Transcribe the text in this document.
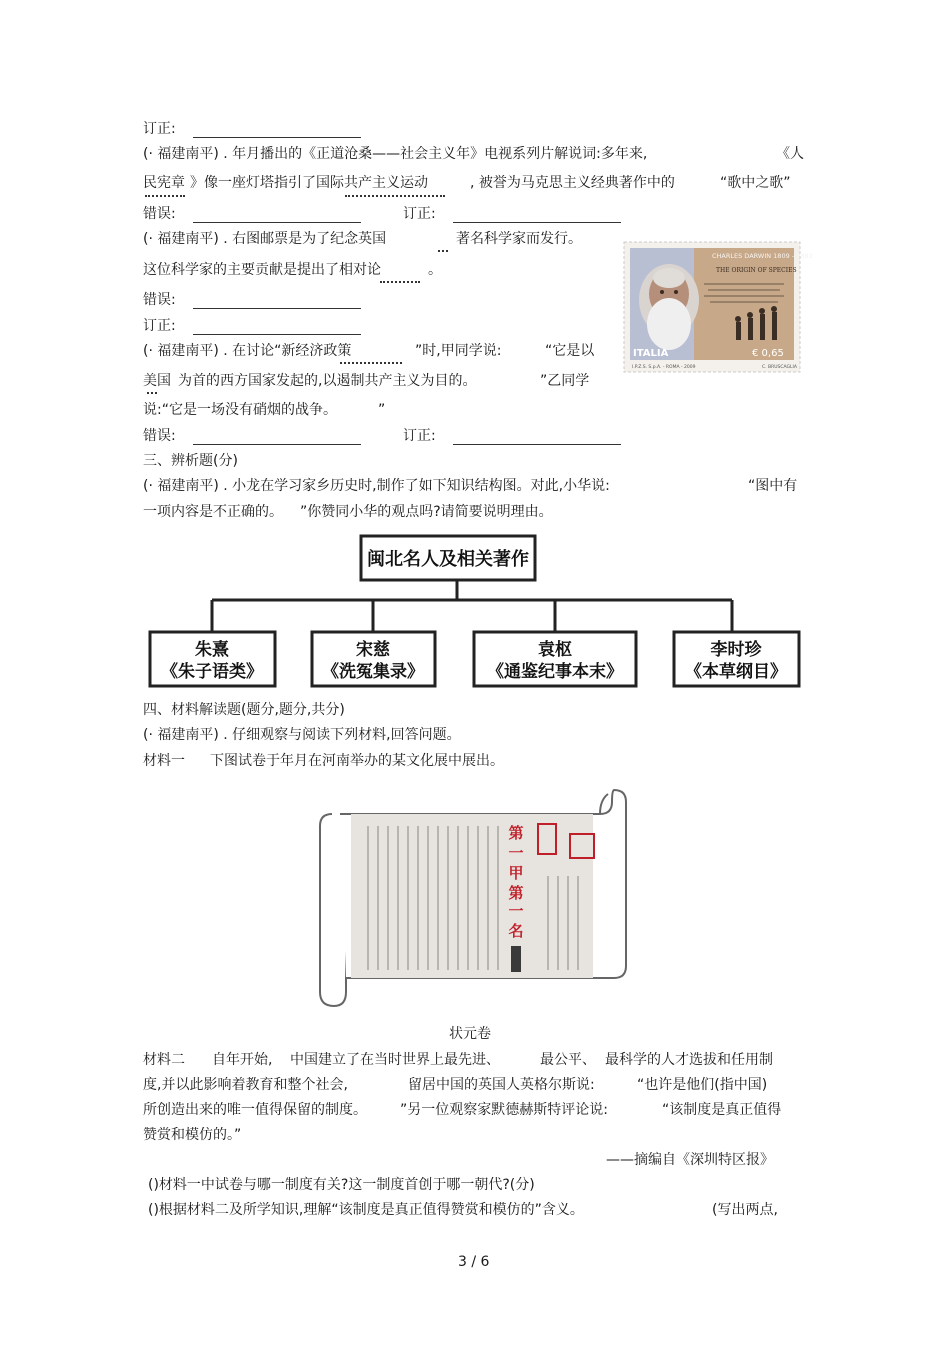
订正:
(· 福建南平) . 年月播出的《正道沧桑——社会主义年》电视系列片解说词:多年来,	《人
民宪章 》像一座灯塔指引了国际共产主义运动	, 被誉为马克思主义经典著作中的	“歌中之歌”
错误:	订正:
(· 福建南平) . 右图邮票是为了纪念英国	著名科学家而发行。
这位科学家的主要贡献是提出了相对论	。
错误:
订正:
CHARLES DARWIN 1809 - 1882
THE ORIGIN OF SPECIES
ITALIA	€ 0,65
I.P.Z.S. S.p.A. - ROMA - 2009	C. BRUSCAGLIA
(· 福建南平) . 在讨论“新经济政策	”时,甲同学说:	“它是以
美国 为首的西方国家发起的,以遏制共产主义为目的。	”乙同学
说:“它是一场没有硝烟的战争。	”
错误:	订正:
三、辨析题(分)
(· 福建南平) . 小龙在学习家乡历史时,制作了如下知识结构图。对此,小华说:	“图中有
一项内容是不正确的。 ”你赞同小华的观点吗?请简要说明理由。
闽北名人及相关著作
朱熹
《朱子语类》
宋慈
《洗冤集录》
袁枢
《通鉴纪事本末》
李时珍
《本草纲目》
四、材料解读题(题分,题分,共分)
(· 福建南平) . 仔细观察与阅读下列材料,回答问题。
材料一 下图试卷于年月在河南举办的某文化展中展出。
第
一
甲
第
一
名
状元卷
材料二 自年开始, 中国建立了在当时世界上最先进、	最公平、 最科学的人才选拔和任用制
度,并以此影响着教育和整个社会,	留居中国的英国人英格尔斯说:	“也许是他们(指中国)
所创造出来的唯一值得保留的制度。 ”另一位观察家默德赫斯特评论说:	“该制度是真正值得
赞赏和模仿的。”
——摘编自《深圳特区报》
()材料一中试卷与哪一制度有关?这一制度首创于哪一朝代?(分)
()根据材料二及所学知识,理解“该制度是真正值得赞赏和模仿的”含义。	(写出两点,
3 / 6
